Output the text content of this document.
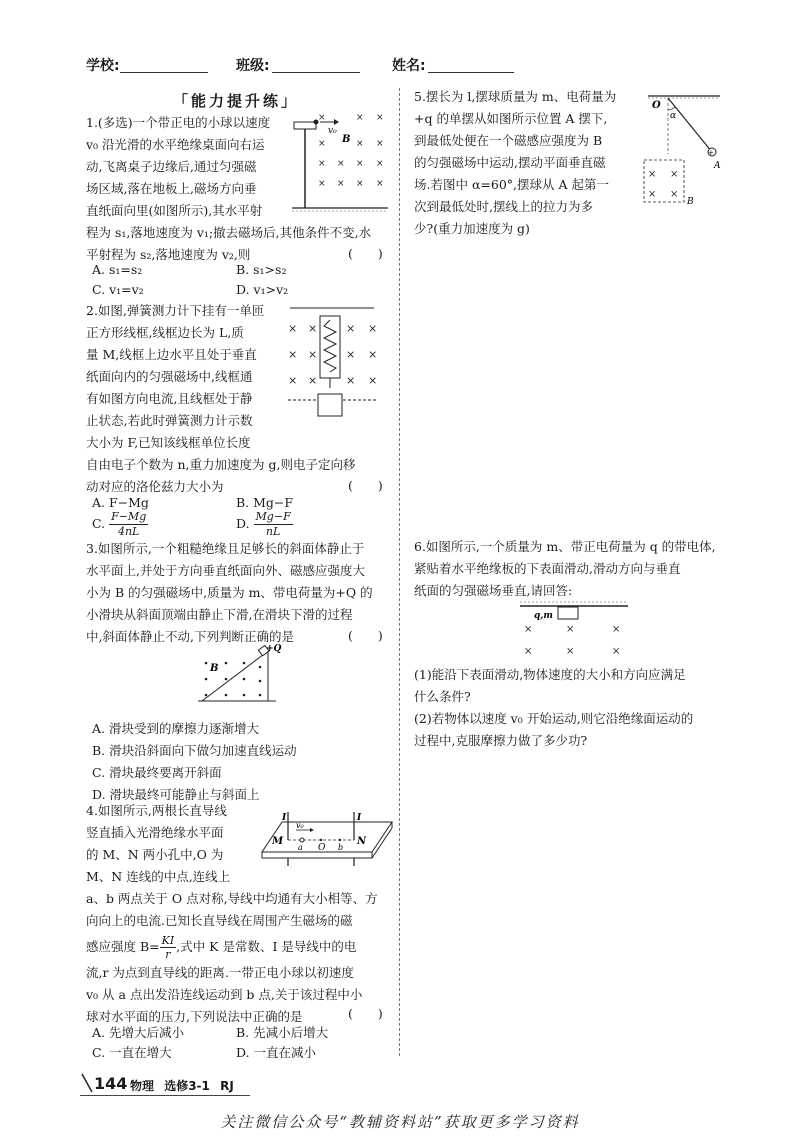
学校:	班级:	姓名:
「能力提升练」
1.(多选)一个带正电的小球以速度
v₀ 沿光滑的水平绝缘桌面向右运
动,飞离桌子边缘后,通过匀强磁
场区域,落在地板上,磁场方向垂
直纸面向里(如图所示),其水平射
程为 s₁,落地速度为 v₁;撤去磁场后,其他条件不变,水
平射程为 s₂,落地速度为 v₂,则	(　　)
A. s₁=s₂	B. s₁>s₂
C. v₁=v₂	D. v₁>v₂
v₀
B
×	× ×
×	× ×
× × × ×
× × × ×
2.如图,弹簧测力计下挂有一单匝
正方形线框,线框边长为 L,质
量 M,线框上边水平且处于垂直
纸面向内的匀强磁场中,线框通
有如图方向电流,且线框处于静
止状态,若此时弹簧测力计示数
大小为 F,已知该线框单位长度
自由电子个数为 n,重力加速度为 g,则电子定向移
动对应的洛伦兹力大小为	(　　)
A. F−Mg	B. Mg−F
C. $\frac{F-Mg}{4nL}$	D. $\frac{Mg-F}{nL}$
× ×	× ×
× ×	× ×
× ×	× ×
3.如图所示,一个粗糙绝缘且足够长的斜面体静止于
水平面上,并处于方向垂直纸面向外、磁感应强度大
小为 B 的匀强磁场中,质量为 m、带电荷量为+Q 的
小滑块从斜面顶端由静止下滑,在滑块下滑的过程
中,斜面体静止不动,下列判断正确的是	(　　)
+Q
B
A. 滑块受到的摩擦力逐渐增大
B. 滑块沿斜面向下做匀加速直线运动
C. 滑块最终要离开斜面
D. 滑块最终可能静止与斜面上
4.如图所示,两根长直导线
竖直插入光滑绝缘水平面
的 M、N 两小孔中,O 为
M、N 连线的中点,连线上
a、b 两点关于 O 点对称,导线中均通有大小相等、方
向向上的电流.已知长直导线在周围产生磁场的磁
感应强度 $B= \frac{KI}{r}$ ,式中 K 是常数、I 是导线中的电
流,r 为点到直导线的距离.一带正电小球以初速度
v₀ 从 a 点出发沿连线运动到 b 点,关于该过程中小
球对水平面的压力,下列说法中正确的是	(　　)
A. 先增大后减小	B. 先减小后增大
C. 一直在增大	D. 一直在减小
I	I
M	N
v₀
a O b
5.摆长为 l,摆球质量为 m、电荷量为
+q 的单摆从如图所示位置 A 摆下,
到最低处便在一个磁感应强度为 B
的匀强磁场中运动,摆动平面垂直磁
场.若图中 α=60°,摆球从 A 起第一
次到最低处时,摆线上的拉力为多
少?(重力加速度为 g)
O
α
+
A
× ×
× ×
B
6.如图所示,一个质量为 m、带正电荷量为 q 的带电体,
紧贴着水平绝缘板的下表面滑动,滑动方向与垂直
纸面的匀强磁场垂直,请回答:
q,m
×	×	×
×	×	×
(1)能沿下表面滑动,物体速度的大小和方向应满足
什么条件?
(2)若物体以速度 v₀ 开始运动,则它沿绝缘面运动的
过程中,克服摩擦力做了多少功?
144 物理 选修3-1 RJ
关注微信公众号“教辅资料站”获取更多学习资料
